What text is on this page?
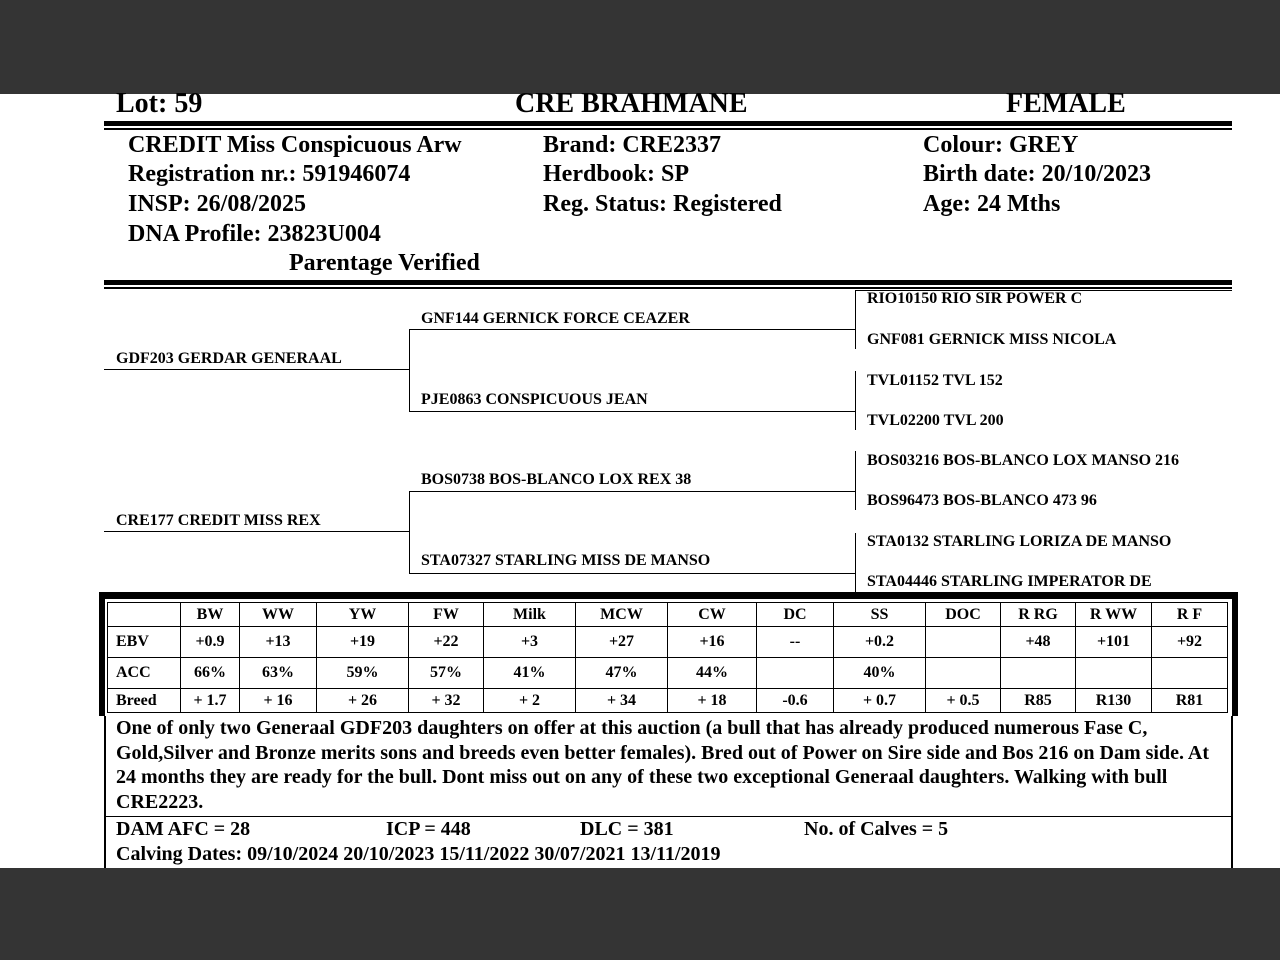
Lot: 59	CRE BRAHMANE	FEMALE
CREDIT Miss Conspicuous Arw
Registration nr.: 591946074
INSP: 26/08/2025
DNA Profile: 23823U004
Parentage Verified
Brand: CRE2337
Herdbook: SP
Reg. Status: Registered
Colour: GREY
Birth date: 20/10/2023
Age: 24 Mths
GDF203 GERDAR GENERAAL
CRE177 CREDIT MISS REX
GNF144 GERNICK FORCE CEAZER
PJE0863 CONSPICUOUS JEAN
BOS0738 BOS-BLANCO LOX REX 38
STA07327 STARLING MISS DE MANSO
RIO10150 RIO SIR POWER C
GNF081 GERNICK MISS NICOLA
TVL01152 TVL 152
TVL02200 TVL 200
BOS03216 BOS-BLANCO LOX MANSO 216
BOS96473 BOS-BLANCO 473 96
STA0132 STARLING LORIZA DE MANSO
STA04446 STARLING IMPERATOR DE
	BW	WW	YW	FW	Milk	MCW	CW	DC	SS	DOC	R RG	R WW	R F
EBV	+0.9	+13	+19	+22	+3	+27	+16	--	+0.2		+48	+101	+92
ACC	66%	63%	59%	57%	41%	47%	44%		40%				
Breed	+ 1.7	+ 16	+ 26	+ 32	+ 2	+ 34	+ 18	-0.6	+ 0.7	+ 0.5	R85	R130	R81
One of only two Generaal GDF203 daughters on offer at this auction (a bull that has already produced numerous Fase C, Gold,Silver and Bronze merits sons and breeds even better females). Bred out of Power on Sire side and Bos 216 on Dam side. At 24 months they are ready for the bull. Dont miss out on any of these two exceptional Generaal daughters. Walking with bull CRE2223.
DAM AFC = 28	ICP = 448	DLC = 381	No. of Calves = 5
Calving Dates: 09/10/2024 20/10/2023 15/11/2022 30/07/2021 13/11/2019
